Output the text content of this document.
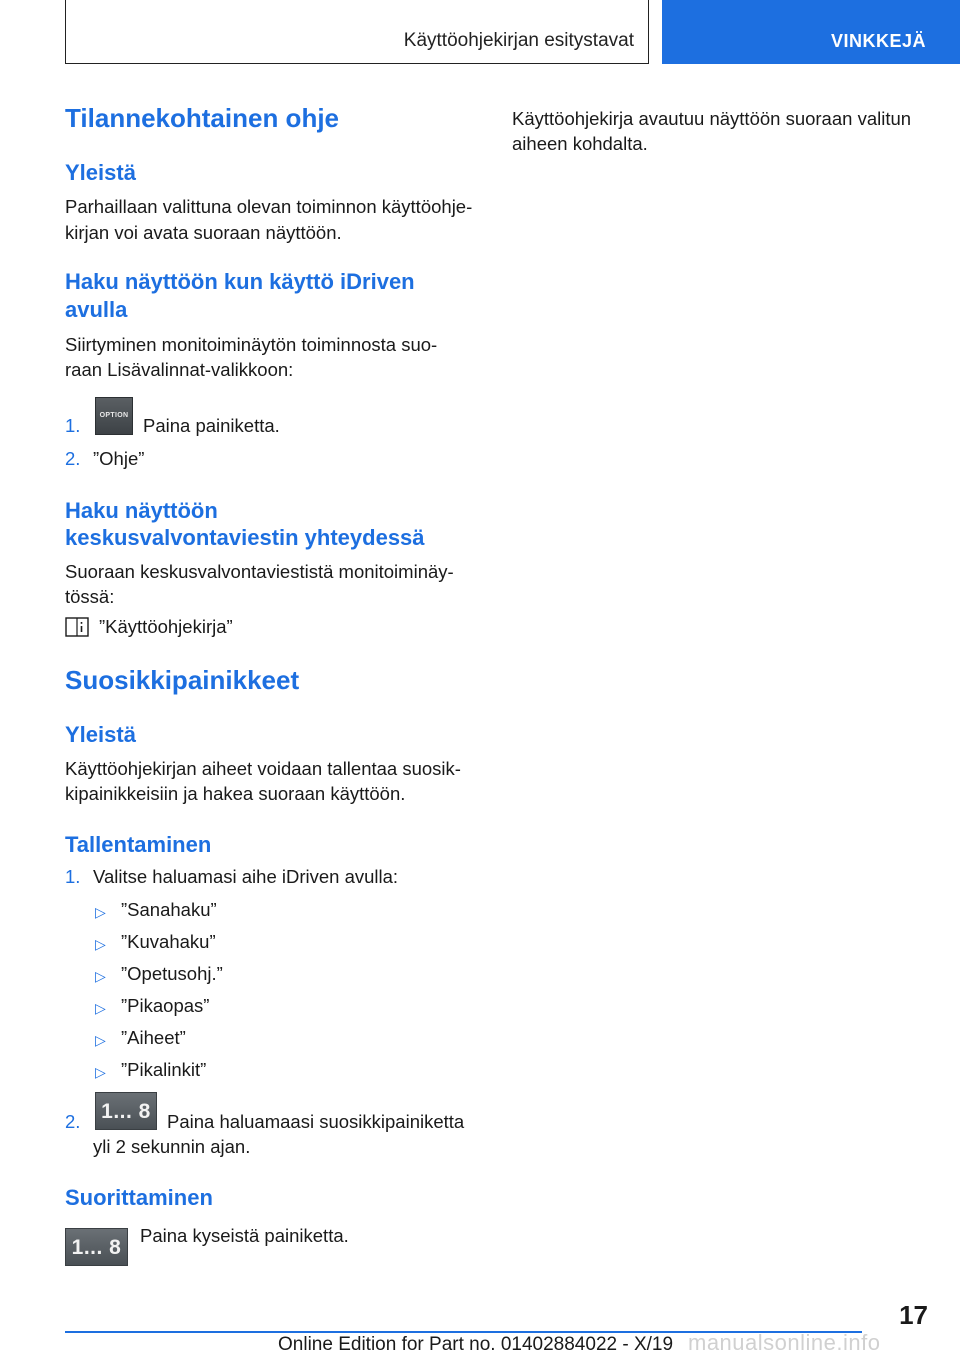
Käyttöohjekirjan esitystavat	VINKKEJÄ
Tilannekohtainen ohje
Yleistä
Parhaillaan valittuna olevan toiminnon käyttöohje-kirjan voi avata suoraan näyttöön.
Haku näyttöön kun käyttö iDriven
avulla
Siirtyminen monitoiminäytön toiminnosta suo-
raan Lisävalinnat-valikkoon:
1.	OPTION Paina painiketta.
2. ”Ohje”
Haku näyttöön
keskusvalvontaviestin yhteydessä
Suoraan keskusvalvontaviestistä monitoiminäy-
tössä:
”Käyttöohjekirja”
Suosikkipainikkeet
Yleistä
Käyttöohjekirjan aiheet voidaan tallentaa suosik-
kipainikkeisiin ja hakea suoraan käyttöön.
Tallentaminen
1. Valitse haluamasi aihe iDriven avulla:
▷ ”Sanahaku”
▷ ”Kuvahaku”
▷ ”Opetusohj.”
▷ ”Pikaopas”
▷ ”Aiheet”
▷ ”Pikalinkit”
2. 1... 8 Paina haluamaasi suosikkipainiketta
yli 2 sekunnin ajan.
Suorittaminen
1... 8
Paina kyseistä painiketta.
Käyttöohjekirja avautuu näyttöön suoraan valitun
aiheen kohdalta.
17
Online Edition for Part no. 01402884022 - X/19 manualsonline.info
